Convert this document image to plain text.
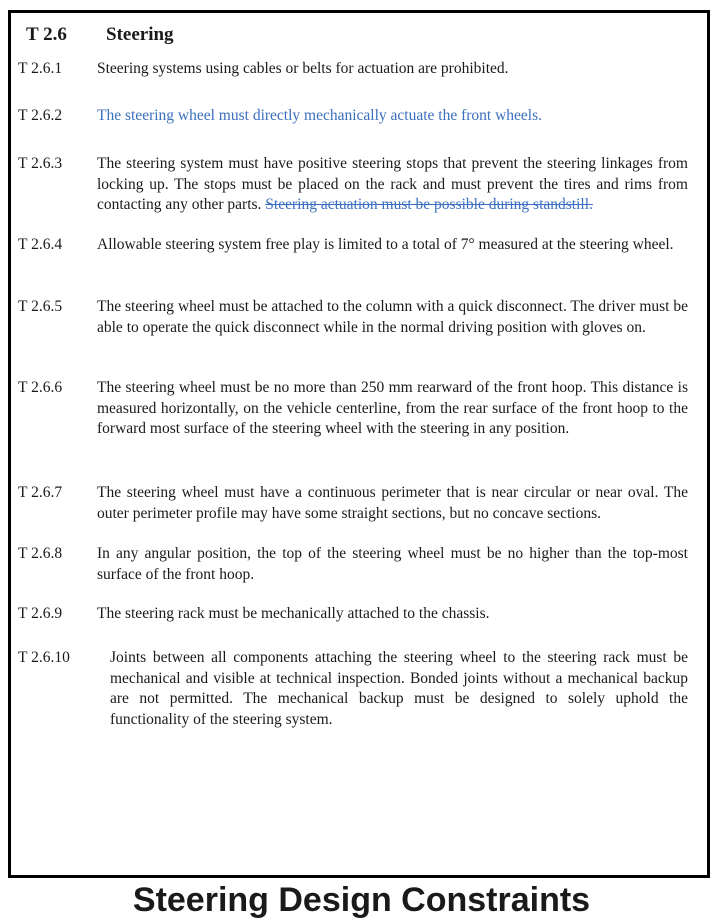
T 2.6 Steering
T 2.6.1 Steering systems using cables or belts for actuation are prohibited.
T 2.6.2 The steering wheel must directly mechanically actuate the front wheels.
T 2.6.3 The steering system must have positive steering stops that prevent the steering linkages from locking up. The stops must be placed on the rack and must prevent the tires and rims from contacting any other parts. Steering actuation must be possible during standstill.
T 2.6.4 Allowable steering system free play is limited to a total of 7° measured at the steering wheel.
T 2.6.5 The steering wheel must be attached to the column with a quick disconnect. The driver must be able to operate the quick disconnect while in the normal driving position with gloves on.
T 2.6.6 The steering wheel must be no more than 250 mm rearward of the front hoop. This distance is measured horizontally, on the vehicle centerline, from the rear surface of the front hoop to the forward most surface of the steering wheel with the steering in any position.
T 2.6.7 The steering wheel must have a continuous perimeter that is near circular or near oval. The outer perimeter profile may have some straight sections, but no concave sections.
T 2.6.8 In any angular position, the top of the steering wheel must be no higher than the top-most surface of the front hoop.
T 2.6.9 The steering rack must be mechanically attached to the chassis.
T 2.6.10	Joints between all components attaching the steering wheel to the steering rack must be mechanical and visible at technical inspection. Bonded joints without a mechanical backup are not permitted. The mechanical backup must be designed to solely uphold the functionality of the steering system.
Steering Design Constraints
